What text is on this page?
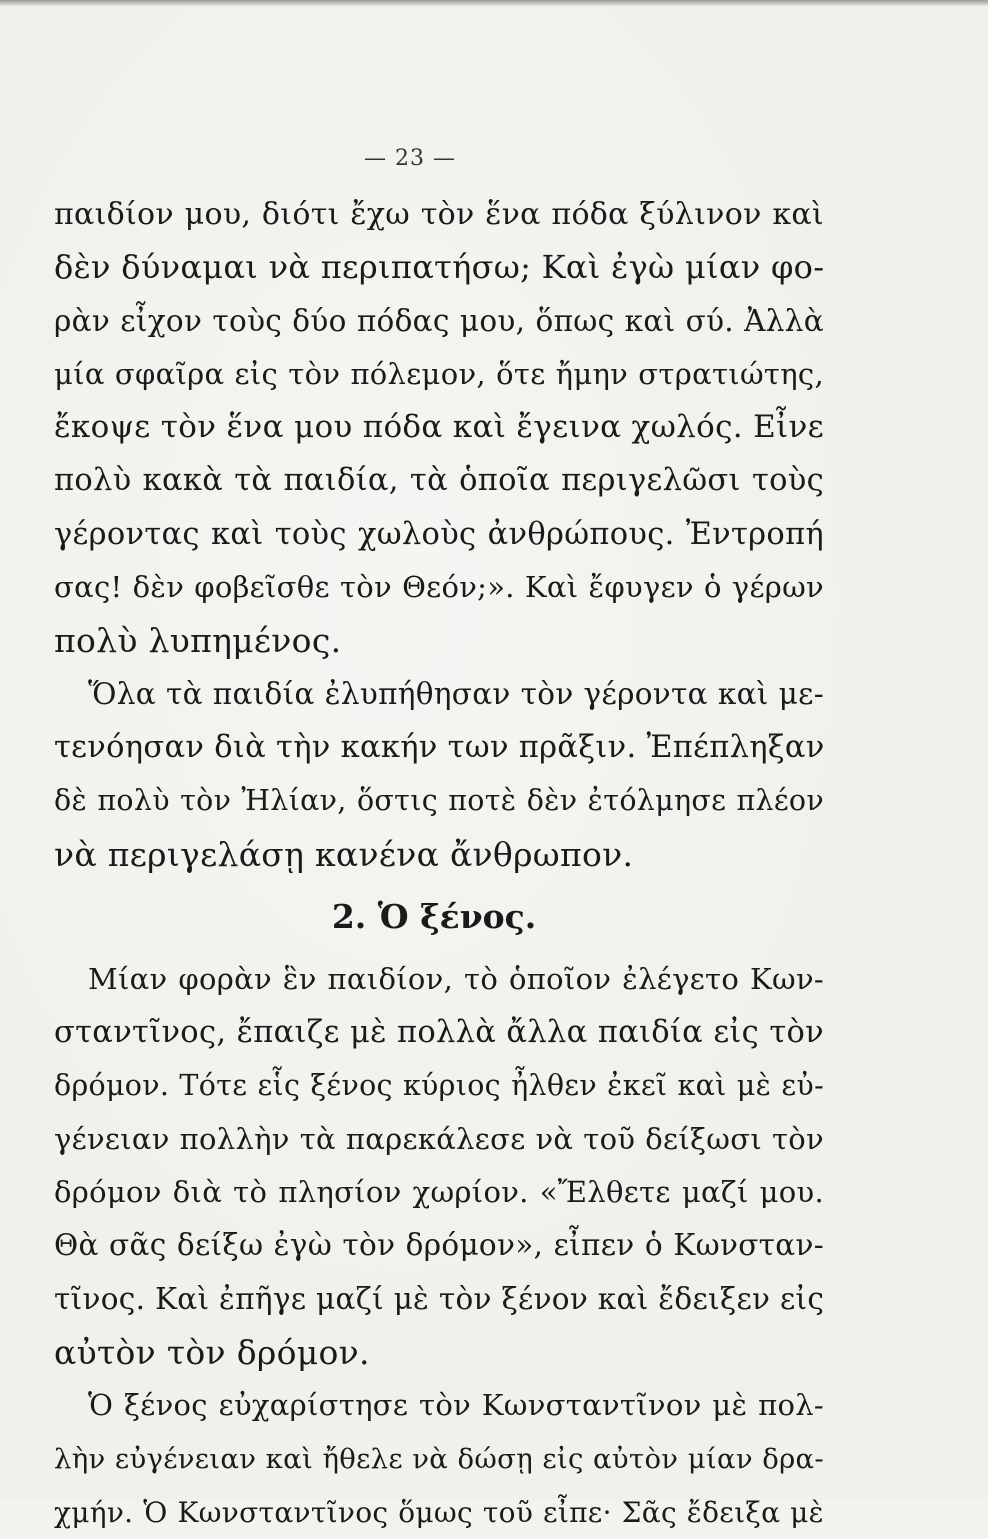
— 23 —
παιδίον μου, διότι ἔχω τὸν ἕνα πόδα ξύλινον καὶ
δὲν δύναμαι νὰ περιπατήσω; Καὶ ἐγὼ μίαν φο-
ρὰν εἶχον τοὺς δύο πόδας μου, ὅπως καὶ σύ. Ἀλλὰ
μία σφαῖρα εἰς τὸν πόλεμον, ὅτε ἤμην στρατιώτης,
ἔκοψε τὸν ἕνα μου πόδα καὶ ἔγεινα χωλός. Εἶνε
πολὺ κακὰ τὰ παιδία, τὰ ὁποῖα περιγελῶσι τοὺς
γέροντας καὶ τοὺς χωλοὺς ἀνθρώπους. Ἐντροπή
σας! δὲν φοβεῖσθε τὸν Θεόν;». Καὶ ἔφυγεν ὁ γέρων
πολὺ λυπημένος.
Ὅλα τὰ παιδία ἐλυπήθησαν τὸν γέροντα καὶ με-
τενόησαν διὰ τὴν κακήν των πρᾶξιν. Ἐπέπληξαν
δὲ πολὺ τὸν Ἠλίαν, ὅστις ποτὲ δὲν ἐτόλμησε πλέον
νὰ περιγελάσῃ κανένα ἄνθρωπον.
2. Ὁ ξένος.
Μίαν φορὰν ἓν παιδίον, τὸ ὁποῖον ἐλέγετο Κων-
σταντῖνος, ἔπαιζε μὲ πολλὰ ἄλλα παιδία εἰς τὸν
δρόμον. Τότε εἷς ξένος κύριος ἦλθεν ἐκεῖ καὶ μὲ εὐ-
γένειαν πολλὴν τὰ παρεκάλεσε νὰ τοῦ δείξωσι τὸν
δρόμον διὰ τὸ πλησίον χωρίον. «Ἔλθετε μαζί μου.
Θὰ σᾶς δείξω ἐγὼ τὸν δρόμον», εἶπεν ὁ Κωνσταν-
τῖνος. Καὶ ἐπῆγε μαζί μὲ τὸν ξένον καὶ ἔδειξεν εἰς
αὐτὸν τὸν δρόμον.
Ὁ ξένος εὐχαρίστησε τὸν Κωνσταντῖνον μὲ πολ-
λὴν εὐγένειαν καὶ ἤθελε νὰ δώσῃ εἰς αὐτὸν μίαν δρα-
χμήν. Ὁ Κωνσταντῖνος ὅμως τοῦ εἶπε· Σᾶς ἔδειξα μὲ
